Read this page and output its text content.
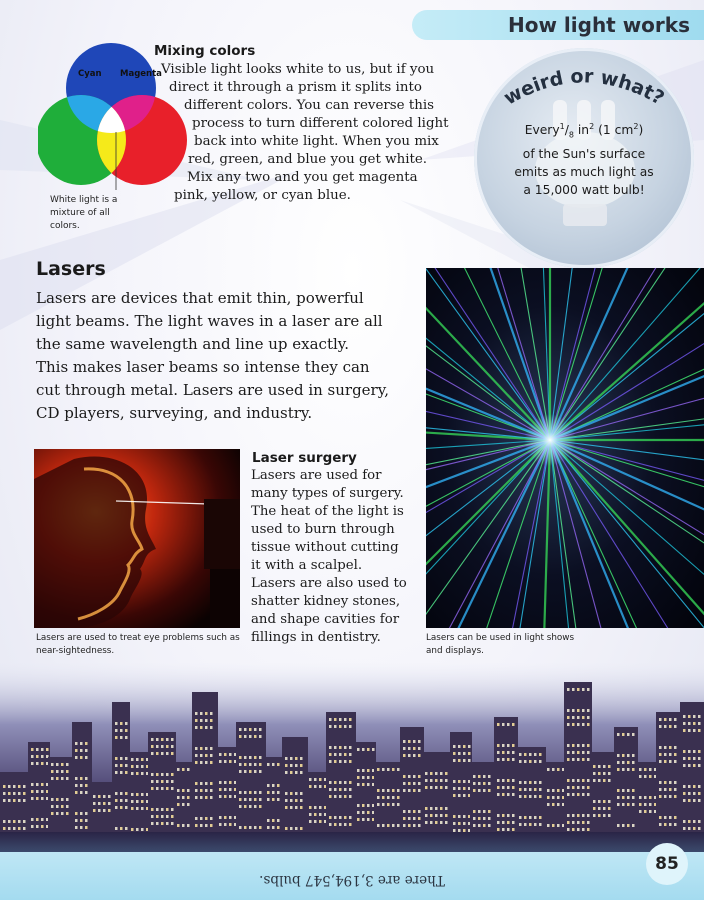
How light works
Cyan Magenta
White light is a mixture of all colors.
Mixing colors
Visible light looks white to us, but if you
direct it through a prism it splits into
different colors. You can reverse this
process to turn different colored light
back into white light. When you mix
red, green, and blue you get white.
Mix any two and you get magenta
pink, yellow, or cyan blue.
weird or what?
$Every^1/_8$ $in^2$ (1 $cm^2$)
of the Sun's surface
emits as much light as
a 15,000 watt bulb!
Lasers
Lasers are devices that emit thin, powerful
light beams. The light waves in a laser are all
the same wavelength and line up exactly.
This makes laser beams so intense they can
cut through metal. Lasers are used in surgery,
CD players, surveying, and industry.
Lasers are used to treat eye problems such as near-sightedness.
Laser surgery
Lasers are used for
many types of surgery.
The heat of the light is
used to burn through
tissue without cutting
it with a scalpel.
Lasers are also used to
shatter kidney stones,
and shape cavities for
fillings in dentistry.	Lasers can be used in light shows and displays.
There are 3,194,547 bulbs.
85
